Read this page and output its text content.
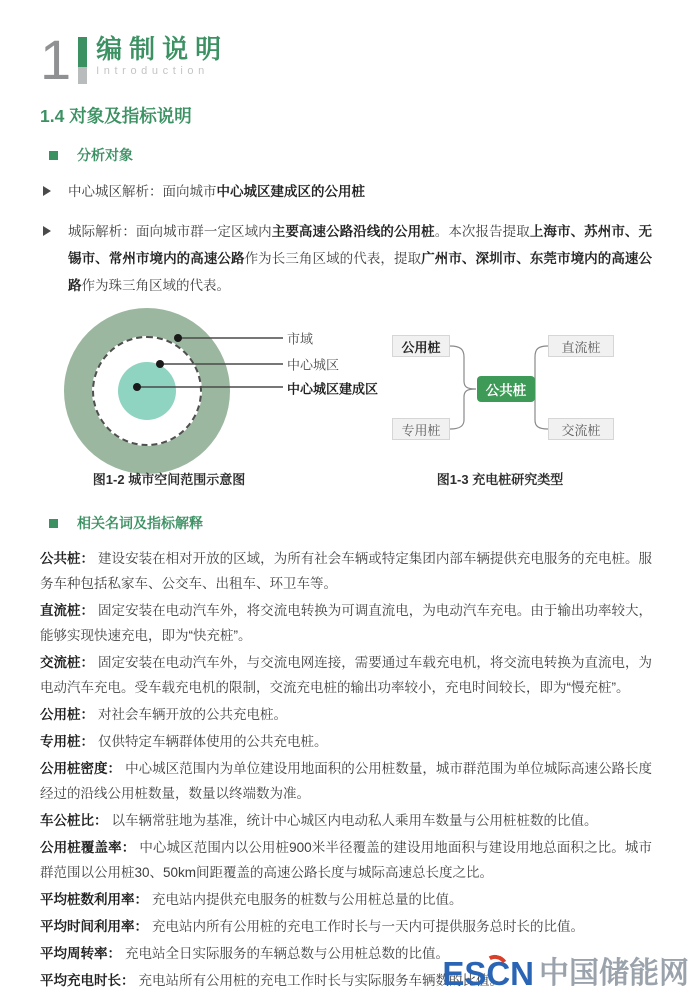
1 编制说明
Introduction
1.4 对象及指标说明
分析对象
中心城区解析：面向城市中心城区建成区的公用桩
城际解析：面向城市群一定区域内主要高速公路沿线的公用桩。本次报告提取上海市、苏州市、无锡市、常州市境内的高速公路作为长三角区域的代表，提取广州市、深圳市、东莞市境内的高速公路作为珠三角区域的代表。
市域
中心城区
中心城区建成区
图1-2 城市空间范围示意图
公用桩
专用桩
公共桩
直流桩
交流桩
图1-3 充电桩研究类型
相关名词及指标解释

公共桩： 建设安装在相对开放的区域，为所有社会车辆或特定集团内部车辆提供充电服务的充电桩。服务车种包括私家车、公交车、出租车、环卫车等。

直流桩： 固定安装在电动汽车外，将交流电转换为可调直流电，为电动汽车充电。由于输出功率较大，能够实现快速充电，即为“快充桩”。

交流桩： 固定安装在电动汽车外，与交流电网连接，需要通过车载充电机，将交流电转换为直流电，为电动汽车充电。受车载充电机的限制，交流充电桩的输出功率较小，充电时间较长，即为“慢充桩”。

公用桩： 对社会车辆开放的公共充电桩。

专用桩： 仅供特定车辆群体使用的公共充电桩。

公用桩密度： 中心城区范围内为单位建设用地面积的公用桩数量，城市群范围为单位城际高速公路长度经过的沿线公用桩数量，数量以终端数为准。

车公桩比： 以车辆常驻地为基准，统计中心城区内电动私人乘用车数量与公用桩桩数的比值。

公用桩覆盖率： 中心城区范围内以公用桩900米半径覆盖的建设用地面积与建设用地总面积之比。城市群范围以公用桩30、50km间距覆盖的高速公路长度与城际高速总长度之比。

平均桩数利用率： 充电站内提供充电服务的桩数与公用桩总量的比值。

平均时间利用率： 充电站内所有公用桩的充电工作时长与一天内可提供服务总时长的比值。

平均周转率： 充电站全日实际服务的车辆总数与公用桩总数的比值。

平均充电时长： 充电站所有公用桩的充电工作时长与实际服务车辆数的比值。

ESCN 中国储能网
